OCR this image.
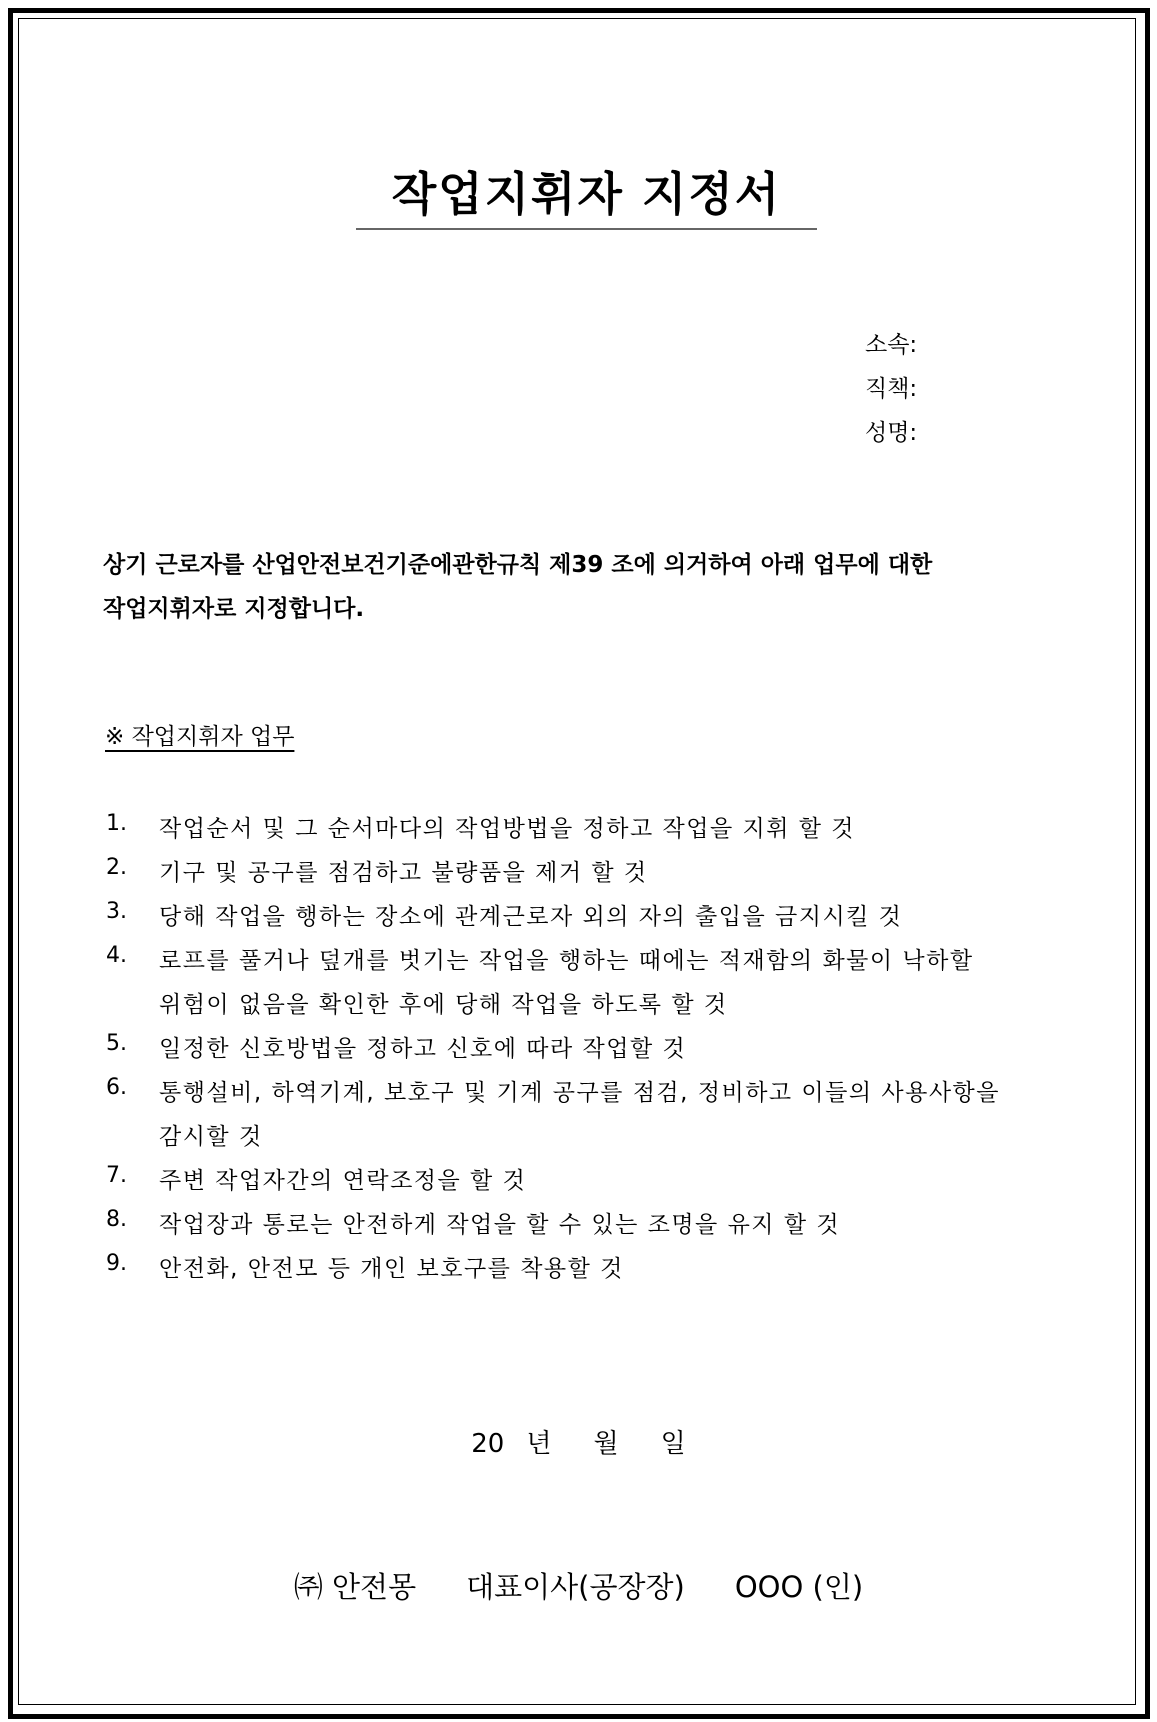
작업지휘자 지정서
소속:
직책:
성명:
상기 근로자를 산업안전보건기준에관한규칙 제39 조에 의거하여 아래 업무에 대한
작업지휘자로 지정합니다.
※ 작업지휘자 업무
1. 작업순서 및 그 순서마다의 작업방법을 정하고 작업을 지휘 할 것
2. 기구 및 공구를 점검하고 불량품을 제거 할 것
3. 당해 작업을 행하는 장소에 관계근로자 외의 자의 출입을 금지시킬 것
4. 로프를 풀거나 덮개를 벗기는 작업을 행하는 때에는 적재함의 화물이 낙하할
위험이 없음을 확인한 후에 당해 작업을 하도록 할 것
5. 일정한 신호방법을 정하고 신호에 따라 작업할 것
6. 통행설비, 하역기계, 보호구 및 기계 공구를 점검, 정비하고 이들의 사용사항을
감시할 것
7. 주변 작업자간의 연락조정을 할 것
8. 작업장과 통로는 안전하게 작업을 할 수 있는 조명을 유지 할 것
9. 안전화, 안전모 등 개인 보호구를 착용할 것
20 년 월 일
㈜ 안전몽 대표이사(공장장) OOO (인)
